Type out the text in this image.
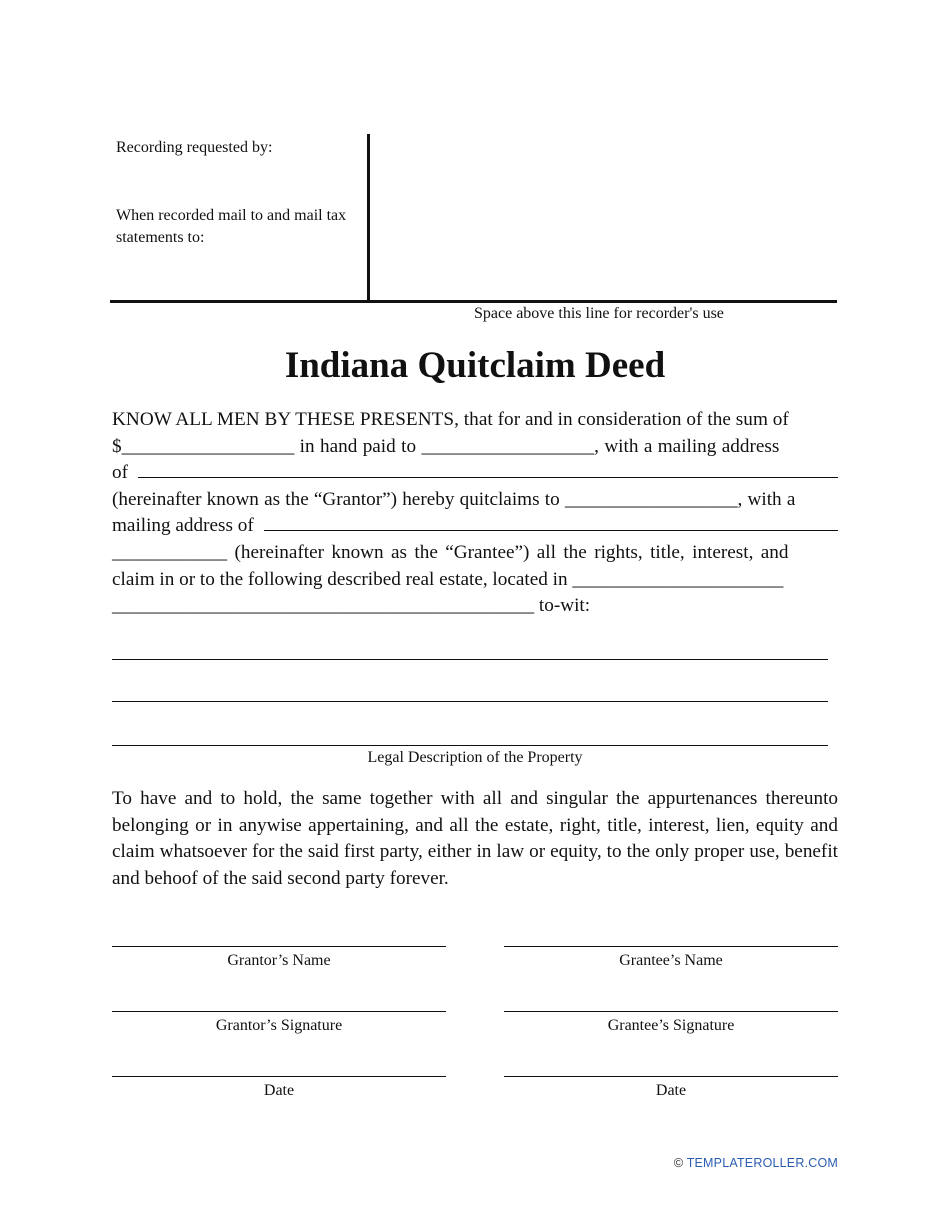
Recording requested by:
When recorded mail to and mail tax statements to:
Space above this line for recorder's use
Indiana Quitclaim Deed
KNOW ALL MEN BY THESE PRESENTS, that for and in consideration of the sum of
$__________________ in hand paid to __________________, with a mailing address
of
(hereinafter known as the “Grantor”) hereby quitclaims to __________________, with a
mailing address of
____________ (hereinafter known as the “Grantee”) all the rights, title, interest, and
claim in or to the following described real estate, located in ______________________
____________________________________________ to-wit:
Legal Description of the Property
To have and to hold, the same together with all and singular the appurtenances thereunto belonging or in anywise appertaining, and all the estate, right, title, interest, lien, equity and claim whatsoever for the said first party, either in law or equity, to the only proper use, benefit and behoof of the said second party forever.
Grantor’s Name	Grantee’s Name
Grantor’s Signature	Grantee’s Signature
Date	Date
© TEMPLATEROLLER.COM
